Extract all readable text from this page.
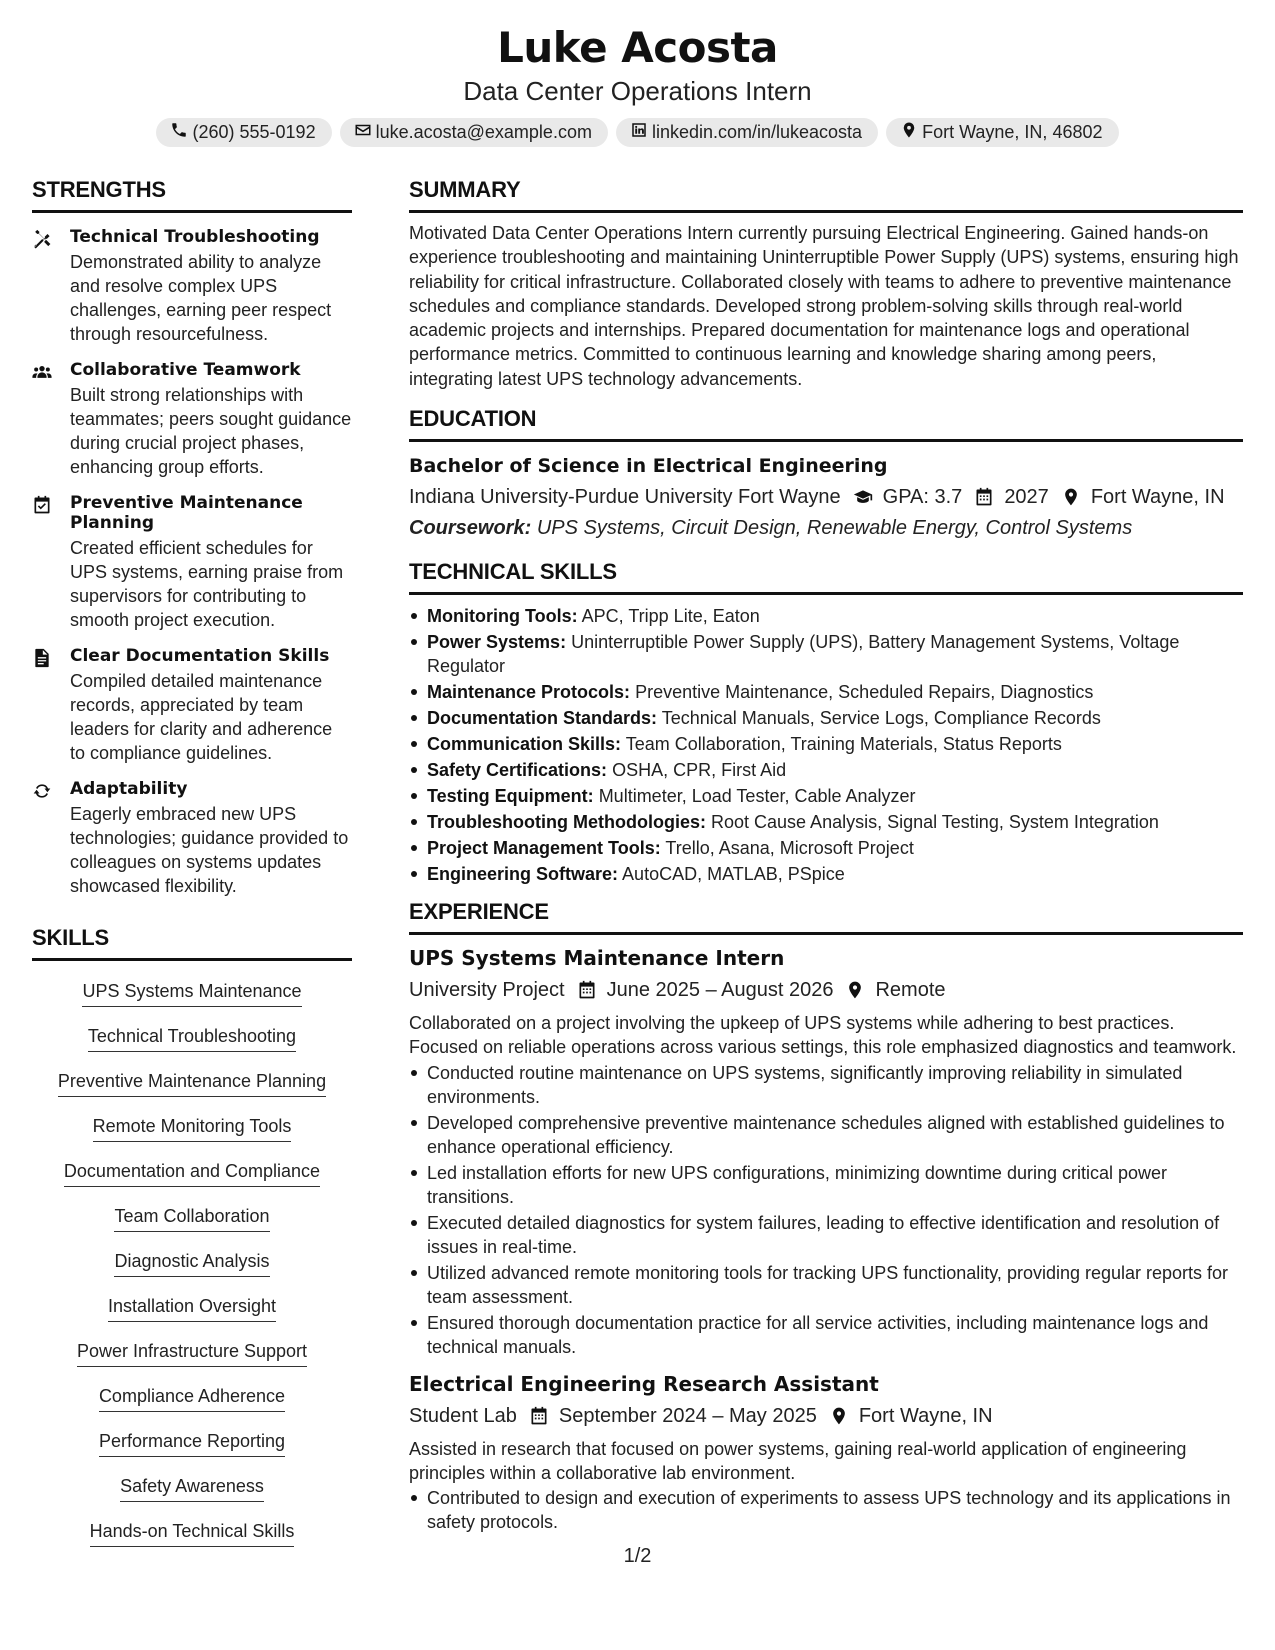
Luke Acosta
Data Center Operations Intern
(260) 555-0192	luke.acosta@example.com	linkedin.com/in/lukeacosta	Fort Wayne, IN, 46802
STRENGTHS
Technical Troubleshooting
Demonstrated ability to analyze and resolve complex UPS challenges, earning peer respect through resourcefulness.
Collaborative Teamwork
Built strong relationships with teammates; peers sought guidance during crucial project phases, enhancing group efforts.
Preventive Maintenance Planning
Created efficient schedules for UPS systems, earning praise from supervisors for contributing to smooth project execution.
Clear Documentation Skills
Compiled detailed maintenance records, appreciated by team leaders for clarity and adherence to compliance guidelines.
Adaptability
Eagerly embraced new UPS technologies; guidance provided to colleagues on systems updates showcased flexibility.
SKILLS
UPS Systems Maintenance
Technical Troubleshooting
Preventive Maintenance Planning
Remote Monitoring Tools
Documentation and Compliance
Team Collaboration
Diagnostic Analysis
Installation Oversight
Power Infrastructure Support
Compliance Adherence
Performance Reporting
Safety Awareness
Hands-on Technical Skills
SUMMARY
Motivated Data Center Operations Intern currently pursuing Electrical Engineering. Gained hands-on experience troubleshooting and maintaining Uninterruptible Power Supply (UPS) systems, ensuring high reliability for critical infrastructure. Collaborated closely with teams to adhere to preventive maintenance schedules and compliance standards. Developed strong problem-solving skills through real-world academic projects and internships. Prepared documentation for maintenance logs and operational performance metrics. Committed to continuous learning and knowledge sharing among peers, integrating latest UPS technology advancements.
EDUCATION
Bachelor of Science in Electrical Engineering
Indiana University-Purdue University Fort Wayne GPA: 3.7 2027 Fort Wayne, IN
Coursework: UPS Systems, Circuit Design, Renewable Energy, Control Systems
TECHNICAL SKILLS
Monitoring Tools: APC, Tripp Lite, Eaton
Power Systems: Uninterruptible Power Supply (UPS), Battery Management Systems, Voltage Regulator
Maintenance Protocols: Preventive Maintenance, Scheduled Repairs, Diagnostics
Documentation Standards: Technical Manuals, Service Logs, Compliance Records
Communication Skills: Team Collaboration, Training Materials, Status Reports
Safety Certifications: OSHA, CPR, First Aid
Testing Equipment: Multimeter, Load Tester, Cable Analyzer
Troubleshooting Methodologies: Root Cause Analysis, Signal Testing, System Integration
Project Management Tools: Trello, Asana, Microsoft Project
Engineering Software: AutoCAD, MATLAB, PSpice
EXPERIENCE
UPS Systems Maintenance Intern
University Project June 2025 – August 2026 Remote
Collaborated on a project involving the upkeep of UPS systems while adhering to best practices. Focused on reliable operations across various settings, this role emphasized diagnostics and teamwork.
Conducted routine maintenance on UPS systems, significantly improving reliability in simulated environments.
Developed comprehensive preventive maintenance schedules aligned with established guidelines to enhance operational efficiency.
Led installation efforts for new UPS configurations, minimizing downtime during critical power transitions.
Executed detailed diagnostics for system failures, leading to effective identification and resolution of issues in real-time.
Utilized advanced remote monitoring tools for tracking UPS functionality, providing regular reports for team assessment.
Ensured thorough documentation practice for all service activities, including maintenance logs and technical manuals.
Electrical Engineering Research Assistant
Student Lab September 2024 – May 2025 Fort Wayne, IN
Assisted in research that focused on power systems, gaining real-world application of engineering principles within a collaborative lab environment.
Contributed to design and execution of experiments to assess UPS technology and its applications in safety protocols.
1/2
